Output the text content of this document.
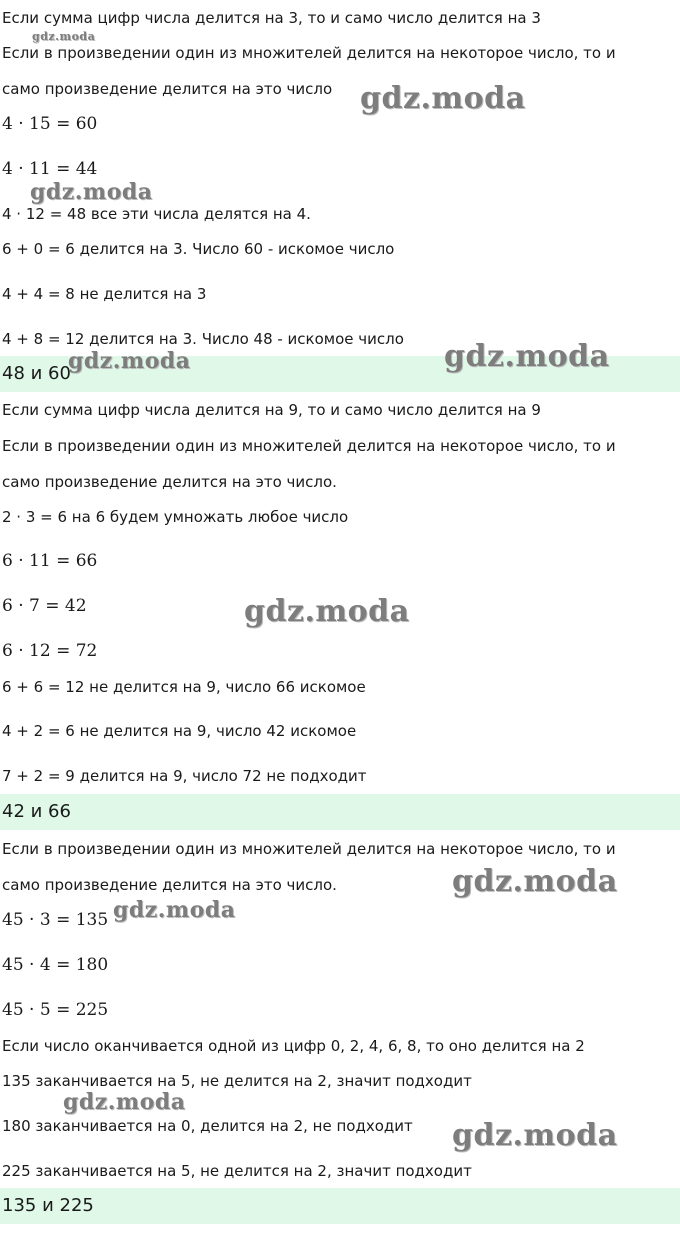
Если сумма цифр числа делится на 3, то и само число делится на 3
Если в произведении один из множителей делится на некоторое число, то и
само произведение делится на это число
4 · 15 = 60
4 · 11 = 44
4 · 12 = 48 все эти числа делятся на 4.
6 + 0 = 6 делится на 3. Число 60 - искомое число
4 + 4 = 8 не делится на 3
4 + 8 = 12 делится на 3. Число 48 - искомое число
48 и 60
Если сумма цифр числа делится на 9, то и само число делится на 9
Если в произведении один из множителей делится на некоторое число, то и
само произведение делится на это число.
2 · 3 = 6 на 6 будем умножать любое число
6 · 11 = 66
6 · 7 = 42
6 · 12 = 72
6 + 6 = 12 не делится на 9, число 66 искомое
4 + 2 = 6 не делится на 9, число 42 искомое
7 + 2 = 9 делится на 9, число 72 не подходит
42 и 66
Если в произведении один из множителей делится на некоторое число, то и
само произведение делится на это число.
45 · 3 = 135
45 · 4 = 180
45 · 5 = 225
Если число оканчивается одной из цифр 0, 2, 4, 6, 8, то оно делится на 2
135 заканчивается на 5, не делится на 2, значит подходит
180 заканчивается на 0, делится на 2, не подходит
225 заканчивается на 5, не делится на 2, значит подходит
135 и 225
gdz.moda
gdz.moda
gdz.moda
gdz.moda
gdz.moda
gdz.moda
gdz.moda
gdz.moda
gdz.moda
gdz.moda
